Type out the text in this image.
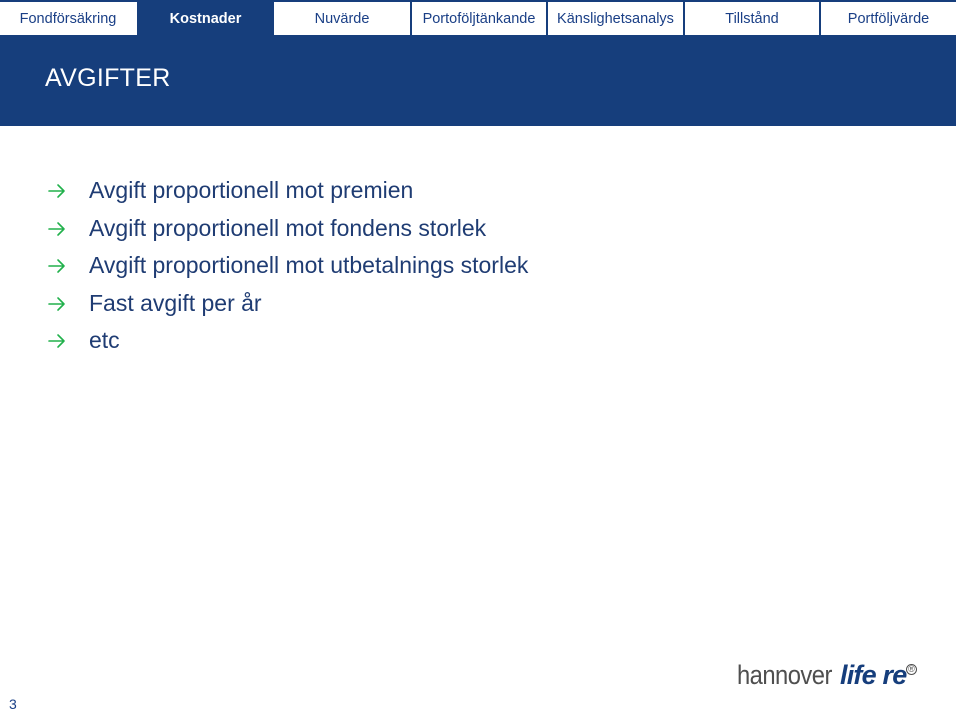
Fondförsäkring	Kostnader	Nuvärde	Portoföljtänkande	Känslighetsanalys	Tillstånd	Portföljvärde
AVGIFTER
Avgift proportionell mot premien
Avgift proportionell mot fondens storlek
Avgift proportionell mot utbetalnings storlek
Fast avgift per år
etc
3
hannover life re ®
